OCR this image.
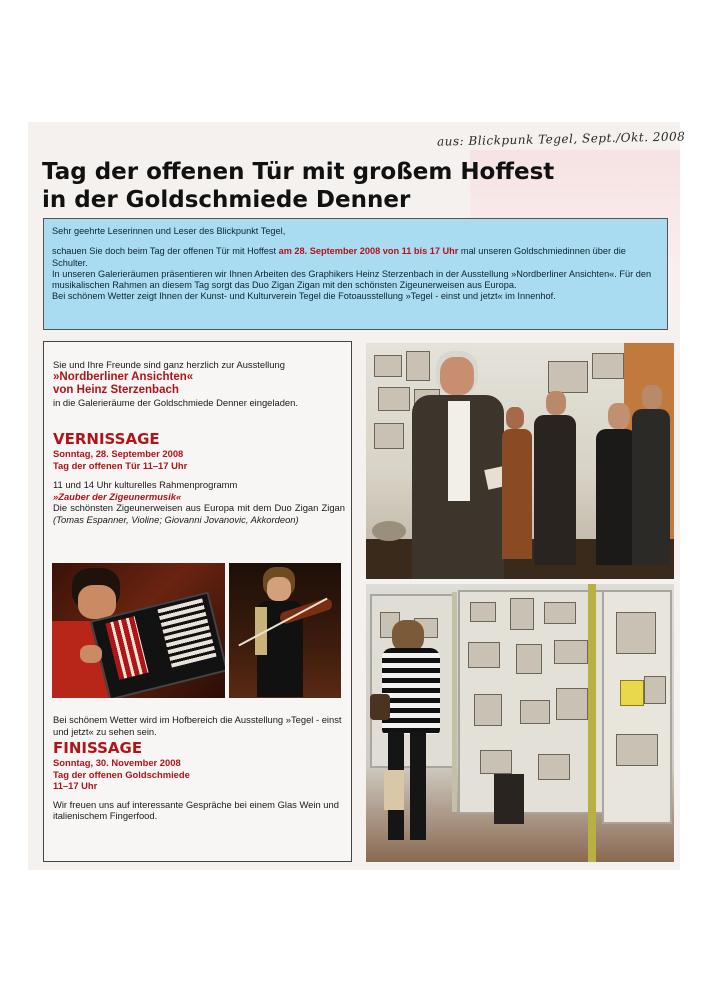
aus: Blickpunk Tegel, Sept./Okt. 2008
Tag der offenen Tür mit großem Hoffest
in der Goldschmiede Denner

Sehr geehrte Leserinnen und Leser des Blickpunkt Tegel,

schauen Sie doch beim Tag der offenen Tür mit Hoffest am 28. September 2008 von 11 bis 17 Uhr mal unseren Goldschmiedinnen über die Schulter.

In unseren Galerieräumen präsentieren wir Ihnen Arbeiten des Graphikers Heinz Sterzenbach in der Ausstellung »Nordberliner Ansichten«. Für den musikalischen Rahmen an diesem Tag sorgt das Duo Zigan Zigan mit den schönsten Zigeunerweisen aus Europa.

Bei schönem Wetter zeigt Ihnen der Kunst- und Kulturverein Tegel die Fotoausstellung »Tegel - einst und jetzt« im Innenhof.

Sie und Ihre Freunde sind ganz herzlich zur Ausstellung
»Nordberliner Ansichten«
von Heinz Sterzenbach
in die Galerieräume der Goldschmiede Denner eingeladen.
VERNISSAGE
Sonntag, 28. September 2008
Tag der offenen Tür 11–17 Uhr
11 und 14 Uhr kulturelles Rahmenprogramm
»Zauber der Zigeunermusik«
Die schönsten Zigeunerweisen aus Europa mit dem Duo Zigan Zigan (Tomas Espanner, Violine; Giovanni Jovanovic, Akkordeon)
Bei schönem Wetter wird im Hofbereich die Ausstellung »Tegel - einst und jetzt« zu sehen sein.
FINISSAGE
Sonntag, 30. November 2008
Tag der offenen Goldschmiede
11–17 Uhr
Wir freuen uns auf interessante Gespräche bei einem Glas Wein und italienischem Fingerfood.
